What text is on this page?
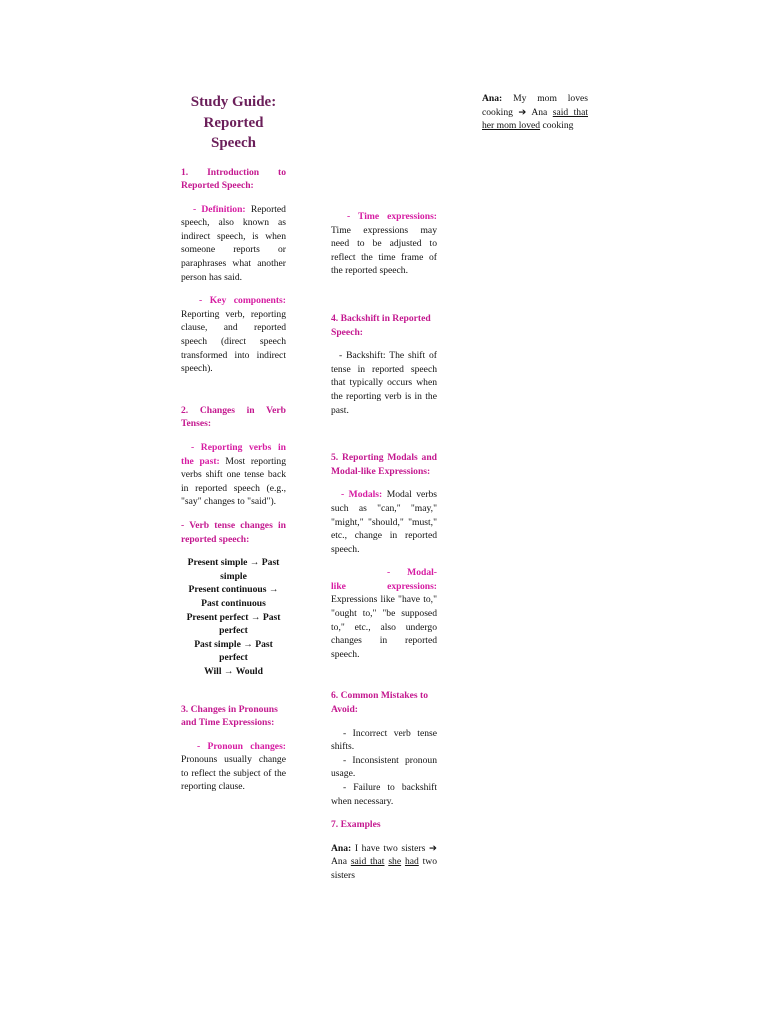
Study Guide: Reported Speech

1. Introduction to Reported Speech:

- Definition: Reported speech, also known as indirect speech, is when someone reports or paraphrases what another person has said.

- Key components: Reporting verb, reporting clause, and reported speech (direct speech transformed into indirect speech).

2. Changes in Verb Tenses:

- Reporting verbs in the past: Most reporting verbs shift one tense back in reported speech (e.g., "say" changes to "said").

- Verb tense changes in reported speech:

Present simple → Past simple

Present continuous → Past continuous

Present perfect → Past perfect

Past simple → Past perfect

Will → Would

3. Changes in Pronouns and Time Expressions:

- Pronoun changes: Pronouns usually change to reflect the subject of the reporting clause.

- Time expressions: Time expressions may need to be adjusted to reflect the time frame of the reported speech.

4. Backshift in Reported Speech:

- Backshift: The shift of tense in reported speech that typically occurs when the reporting verb is in the past.

5. Reporting Modals and Modal-like Expressions:

- Modals: Modal verbs such as "can," "may," "might," "should," "must," etc., change in reported speech.

- Modal-like expressions: Expressions like "have to," "ought to," "be supposed to," etc., also undergo changes in reported speech.

6. Common Mistakes to Avoid:

- Incorrect verb tense shifts.

- Inconsistent pronoun usage.

- Failure to backshift when necessary.

7. Examples

Ana: I have two sisters ➔ Ana said that she had two sisters

Ana: My mom loves cooking ➔ Ana said that her mom loved cooking
